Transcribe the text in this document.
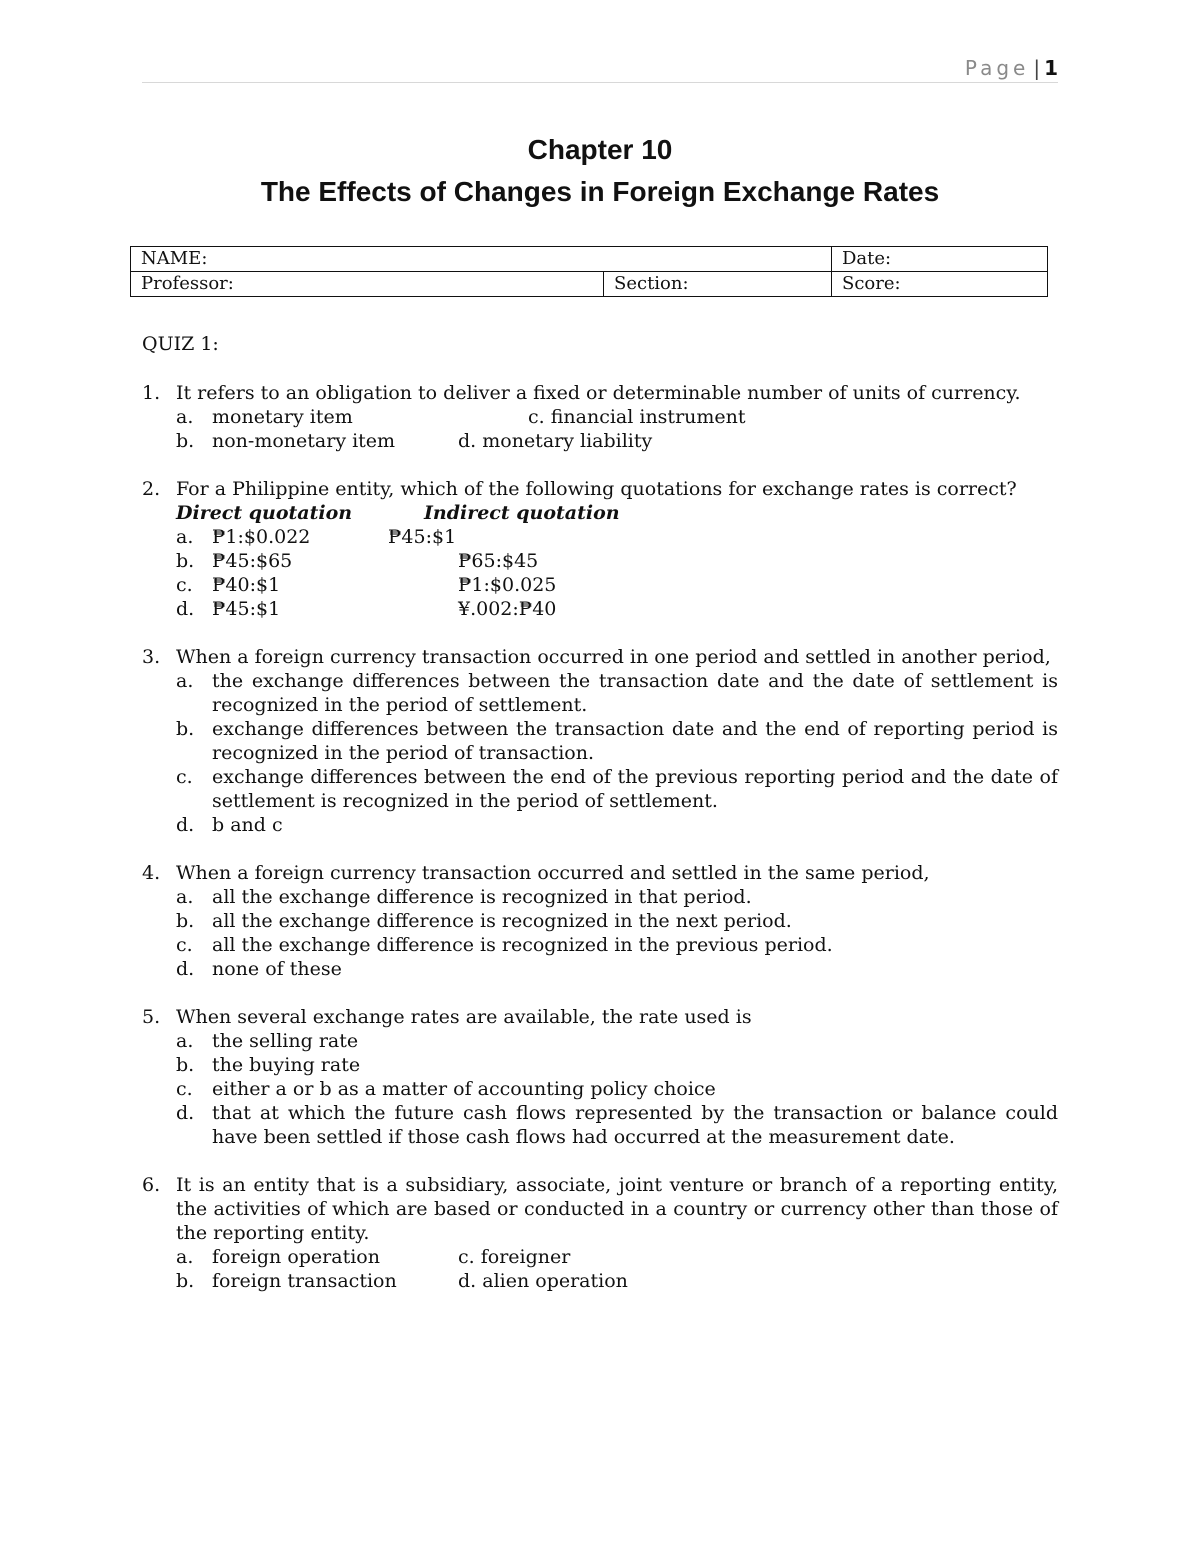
Page | 1
Chapter 10
The Effects of Changes in Foreign Exchange Rates
NAME:		Date:
Professor:	Section:	Score:
QUIZ 1:
1. It refers to an obligation to deliver a fixed or determinable number of units of currency.
a. monetary item	c. financial instrument
b. non-monetary item	d. monetary liability
2. For a Philippine entity, which of the following quotations for exchange rates is correct?
Direct quotation	Indirect quotation
a. ₱1:$0.022	₱45:$1
b. ₱45:$65	₱65:$45
c.	₱40:$1	₱1:$0.025
d. ₱45:$1	¥.002:₱40
3. When a foreign currency transaction occurred in one period and settled in another period,
a. the exchange differences between the transaction date and the date of settlement is recognized in the period of settlement.
b. exchange differences between the transaction date and the end of reporting period is recognized in the period of transaction.
c.	exchange differences between the end of the previous reporting period and the date of settlement is recognized in the period of settlement.
d. b and c
4. When a foreign currency transaction occurred and settled in the same period,
a. all the exchange difference is recognized in that period.
b. all the exchange difference is recognized in the next period.
c.	all the exchange difference is recognized in the previous period.
d. none of these
5. When several exchange rates are available, the rate used is
a. the selling rate
b. the buying rate
c.	either a or b as a matter of accounting policy choice
d. that at which the future cash flows represented by the transaction or balance could have been settled if those cash flows had occurred at the measurement date.
6. It is an entity that is a subsidiary, associate, joint venture or branch of a reporting entity, the activities of which are based or conducted in a country or currency other than those of the reporting entity.
a. foreign operation	c. foreigner
b. foreign transaction	d. alien operation
